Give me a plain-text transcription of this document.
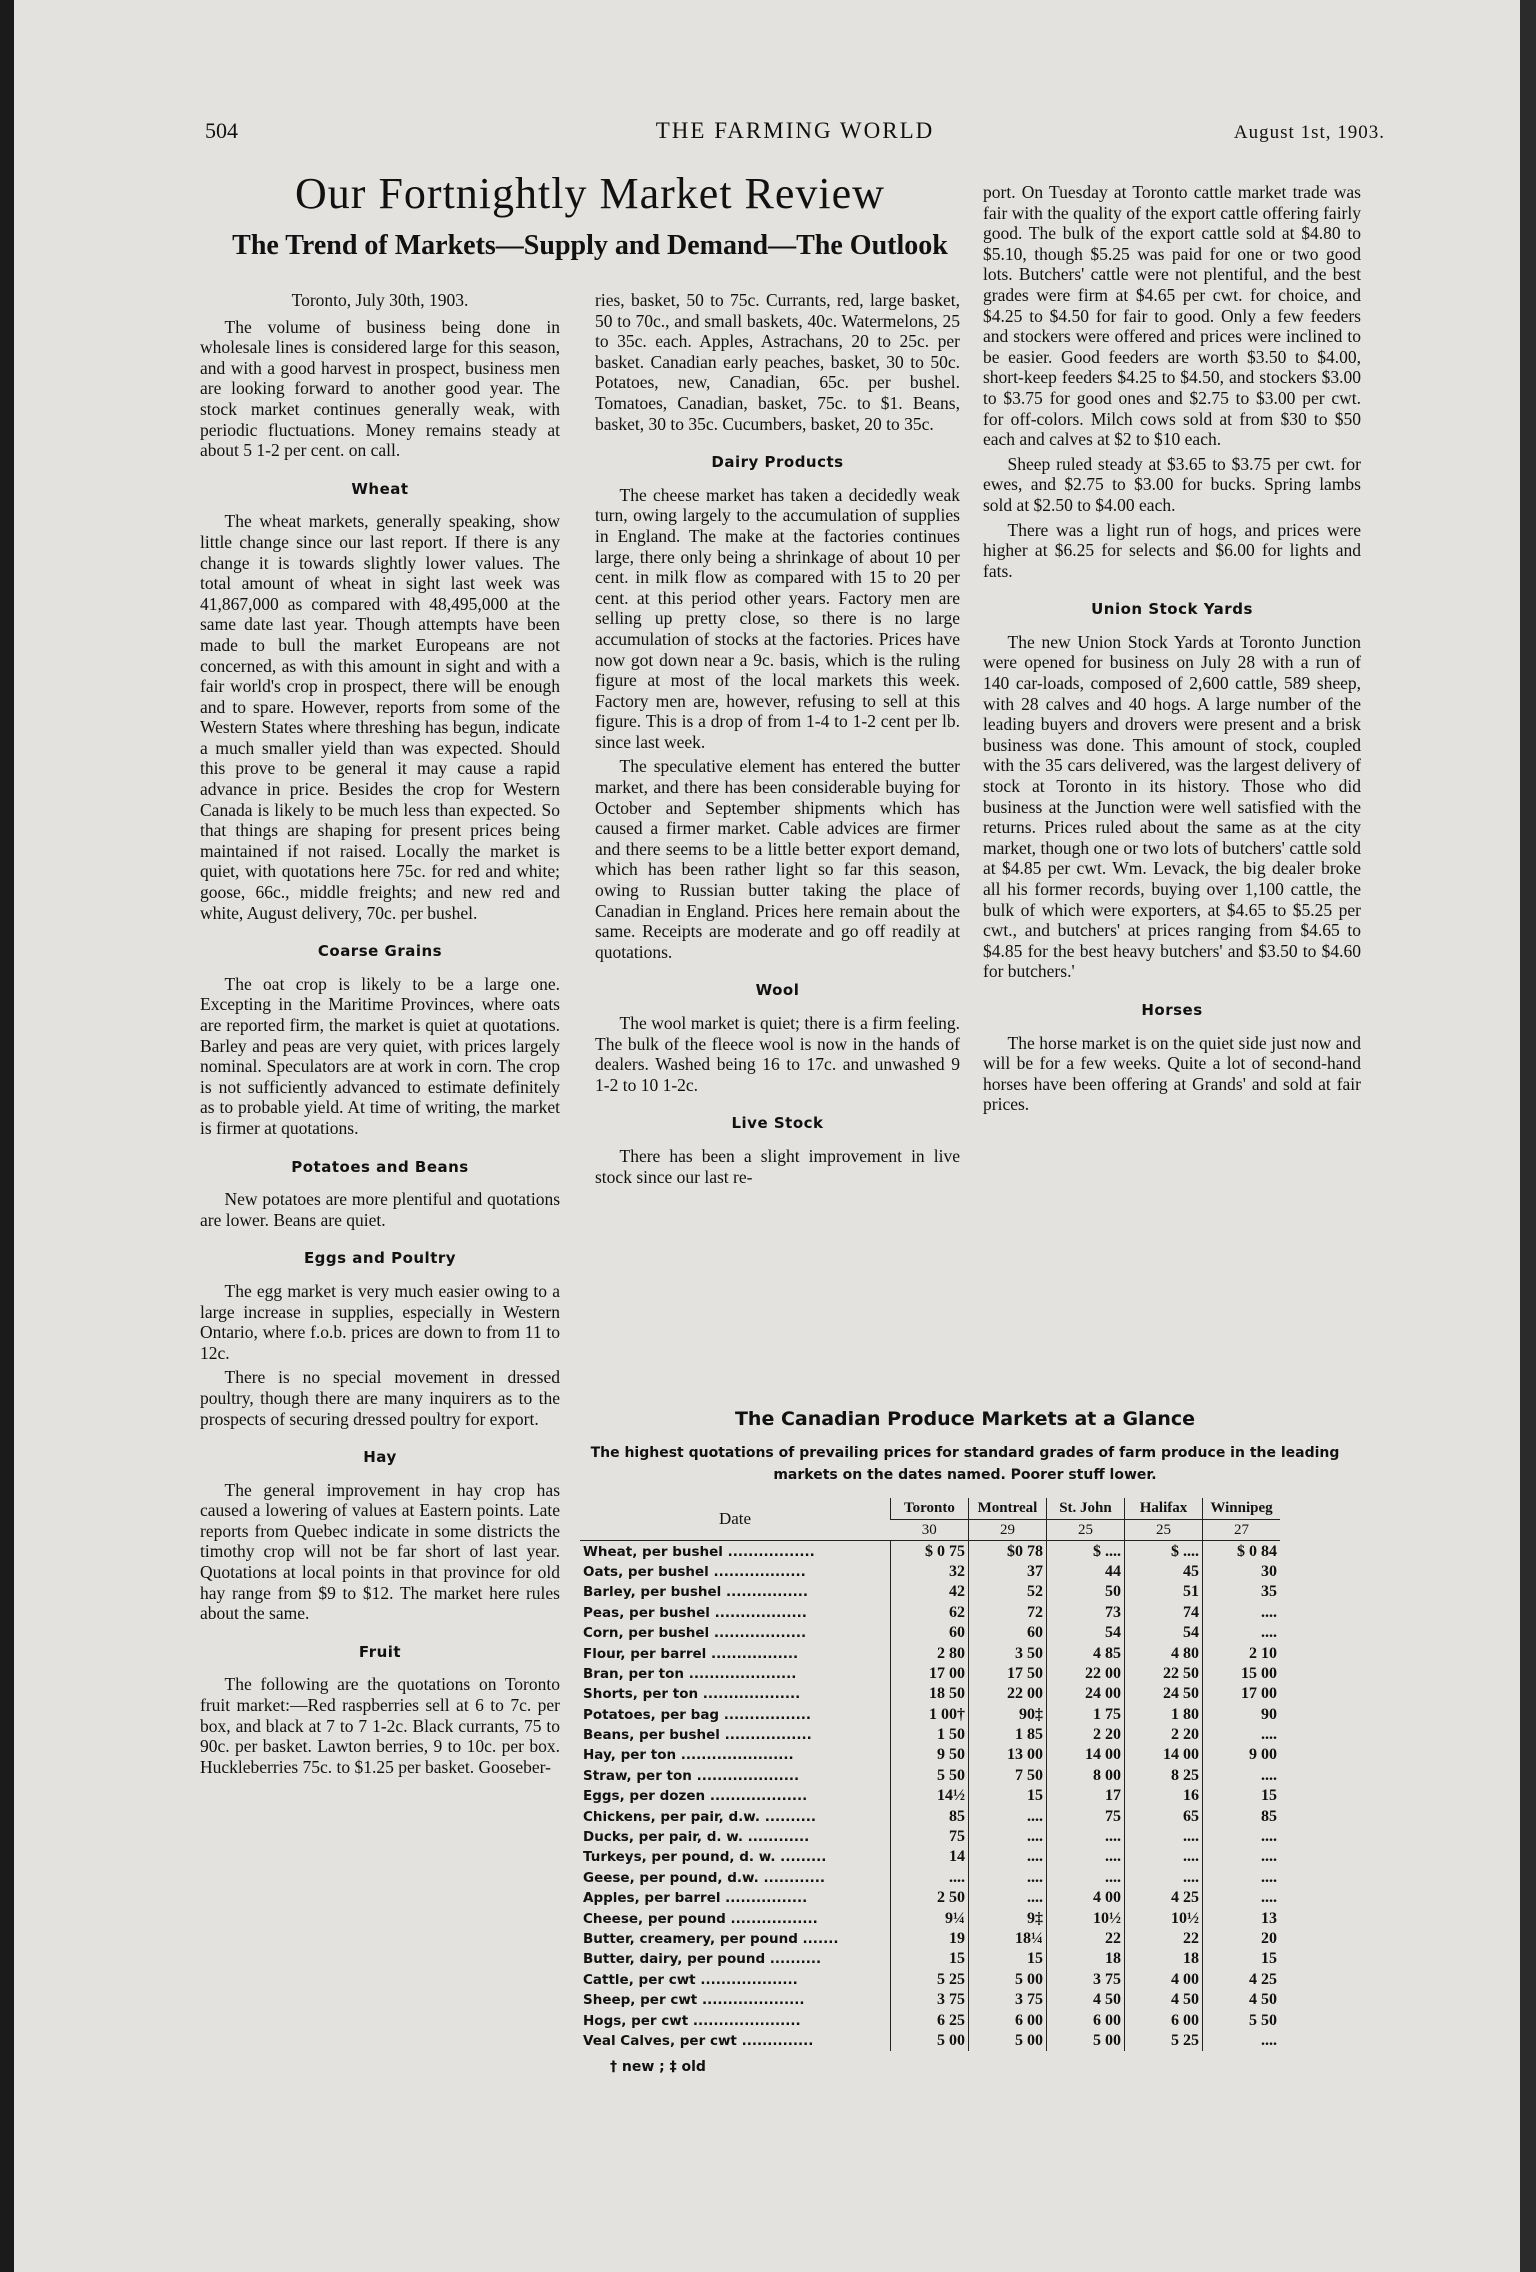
504	THE FARMING WORLD	August 1st, 1903.
Our Fortnightly Market Review
The Trend of Markets—Supply and Demand—The Outlook

Toronto, July 30th, 1903.

The volume of business being done in wholesale lines is considered large for this season, and with a good harvest in prospect, business men are looking forward to another good year. The stock market continues generally weak, with periodic fluctuations. Money remains steady at about 5 1-2 per cent. on call.

Wheat

The wheat markets, generally speaking, show little change since our last report. If there is any change it is towards slightly lower values. The total amount of wheat in sight last week was 41,867,000 as compared with 48,495,000 at the same date last year. Though attempts have been made to bull the market Europeans are not concerned, as with this amount in sight and with a fair world's crop in prospect, there will be enough and to spare. However, reports from some of the Western States where threshing has begun, indicate a much smaller yield than was expected. Should this prove to be general it may cause a rapid advance in price. Besides the crop for Western Canada is likely to be much less than expected. So that things are shaping for present prices being maintained if not raised. Locally the market is quiet, with quotations here 75c. for red and white; goose, 66c., middle freights; and new red and white, August delivery, 70c. per bushel.

Coarse Grains

The oat crop is likely to be a large one. Excepting in the Maritime Provinces, where oats are reported firm, the market is quiet at quotations. Barley and peas are very quiet, with prices largely nominal. Speculators are at work in corn. The crop is not sufficiently advanced to estimate definitely as to probable yield. At time of writing, the market is firmer at quotations.

Potatoes and Beans

New potatoes are more plentiful and quotations are lower. Beans are quiet.

Eggs and Poultry

The egg market is very much easier owing to a large increase in supplies, especially in Western Ontario, where f.o.b. prices are down to from 11 to 12c.

There is no special movement in dressed poultry, though there are many inquirers as to the prospects of securing dressed poultry for export.

Hay

The general improvement in hay crop has caused a lowering of values at Eastern points. Late reports from Quebec indicate in some districts the timothy crop will not be far short of last year. Quotations at local points in that province for old hay range from $9 to $12. The market here rules about the same.

Fruit

The following are the quotations on Toronto fruit market:—Red raspberries sell at 6 to 7c. per box, and black at 7 to 7 1-2c. Black currants, 75 to 90c. per basket. Lawton berries, 9 to 10c. per box. Huckleberries 75c. to $1.25 per basket. Gooseber-

ries, basket, 50 to 75c. Currants, red, large basket, 50 to 70c., and small baskets, 40c. Watermelons, 25 to 35c. each. Apples, Astrachans, 20 to 25c. per basket. Canadian early peaches, basket, 30 to 50c. Potatoes, new, Canadian, 65c. per bushel. Tomatoes, Canadian, basket, 75c. to $1. Beans, basket, 30 to 35c. Cucumbers, basket, 20 to 35c.

Dairy Products

The cheese market has taken a decidedly weak turn, owing largely to the accumulation of supplies in England. The make at the factories continues large, there only being a shrinkage of about 10 per cent. in milk flow as compared with 15 to 20 per cent. at this period other years. Factory men are selling up pretty close, so there is no large accumulation of stocks at the factories. Prices have now got down near a 9c. basis, which is the ruling figure at most of the local markets this week. Factory men are, however, refusing to sell at this figure. This is a drop of from 1-4 to 1-2 cent per lb. since last week.

The speculative element has entered the butter market, and there has been considerable buying for October and September shipments which has caused a firmer market. Cable advices are firmer and there seems to be a little better export demand, which has been rather light so far this season, owing to Russian butter taking the place of Canadian in England. Prices here remain about the same. Receipts are moderate and go off readily at quotations.

Wool

The wool market is quiet; there is a firm feeling. The bulk of the fleece wool is now in the hands of dealers. Washed being 16 to 17c. and unwashed 9 1-2 to 10 1-2c.

Live Stock

There has been a slight improvement in live stock since our last re-

port. On Tuesday at Toronto cattle market trade was fair with the quality of the export cattle offering fairly good. The bulk of the export cattle sold at $4.80 to $5.10, though $5.25 was paid for one or two good lots. Butchers' cattle were not plentiful, and the best grades were firm at $4.65 per cwt. for choice, and $4.25 to $4.50 for fair to good. Only a few feeders and stockers were offered and prices were inclined to be easier. Good feeders are worth $3.50 to $4.00, short-keep feeders $4.25 to $4.50, and stockers $3.00 to $3.75 for good ones and $2.75 to $3.00 per cwt. for off-colors. Milch cows sold at from $30 to $50 each and calves at $2 to $10 each.

Sheep ruled steady at $3.65 to $3.75 per cwt. for ewes, and $2.75 to $3.00 for bucks. Spring lambs sold at $2.50 to $4.00 each.

There was a light run of hogs, and prices were higher at $6.25 for selects and $6.00 for lights and fats.

Union Stock Yards

The new Union Stock Yards at Toronto Junction were opened for business on July 28 with a run of 140 car-loads, composed of 2,600 cattle, 589 sheep, with 28 calves and 40 hogs. A large number of the leading buyers and drovers were present and a brisk business was done. This amount of stock, coupled with the 35 cars delivered, was the largest delivery of stock at Toronto in its history. Those who did business at the Junction were well satisfied with the returns. Prices ruled about the same as at the city market, though one or two lots of butchers' cattle sold at $4.85 per cwt. Wm. Levack, the big dealer broke all his former records, buying over 1,100 cattle, the bulk of which were exporters, at $4.65 to $5.25 per cwt., and butchers' at prices ranging from $4.65 to $4.85 for the best heavy butchers' and $3.50 to $4.60 for butchers.'

Horses

The horse market is on the quiet side just now and will be for a few weeks. Quite a lot of second-hand horses have been offering at Grands' and sold at fair prices.

The Canadian Produce Markets at a Glance
The highest quotations of prevailing prices for standard grades of farm produce in the leading markets on the dates named. Poorer stuff lower.
Date	Toronto	Montreal	St. John	Halifax	Winnipeg
	30	29	25	25	27
Wheat, per bushel .................	$ 0 75	$0 78	$ ....	$ ....	$ 0 84
Oats, per bushel ..................	32	37	44	45	30
Barley, per bushel ................	42	52	50	51	35
Peas, per bushel ..................	62	72	73	74	....
Corn, per bushel ..................	60	60	54	54	....
Flour, per barrel .................	2 80	3 50	4 85	4 80	2 10
Bran, per ton .....................	17 00	17 50	22 00	22 50	15 00
Shorts, per ton ...................	18 50	22 00	24 00	24 50	17 00
Potatoes, per bag .................	1 00†	90‡	1 75	1 80	90
Beans, per bushel .................	1 50	1 85	2 20	2 20	....
Hay, per ton ......................	9 50	13 00	14 00	14 00	9 00
Straw, per ton ....................	5 50	7 50	8 00	8 25	....
Eggs, per dozen ...................	14½	15	17	16	15
Chickens, per pair, d.w. ..........	85	....	75	65	85
Ducks, per pair, d. w. ............	75	....	....	....	....
Turkeys, per pound, d. w. .........	14	....	....	....	....
Geese, per pound, d.w. ............	....	....	....	....	....
Apples, per barrel ................	2 50	....	4 00	4 25	....
Cheese, per pound .................	9¼	9‡	10½	10½	13
Butter, creamery, per pound .......	19	18¼	22	22	20
Butter, dairy, per pound ..........	15	15	18	18	15
Cattle, per cwt ...................	5 25	5 00	3 75	4 00	4 25
Sheep, per cwt ....................	3 75	3 75	4 50	4 50	4 50
Hogs, per cwt .....................	6 25	6 00	6 00	6 00	5 50
Veal Calves, per cwt ..............	5 00	5 00	5 00	5 25	....
† new ; ‡ old
